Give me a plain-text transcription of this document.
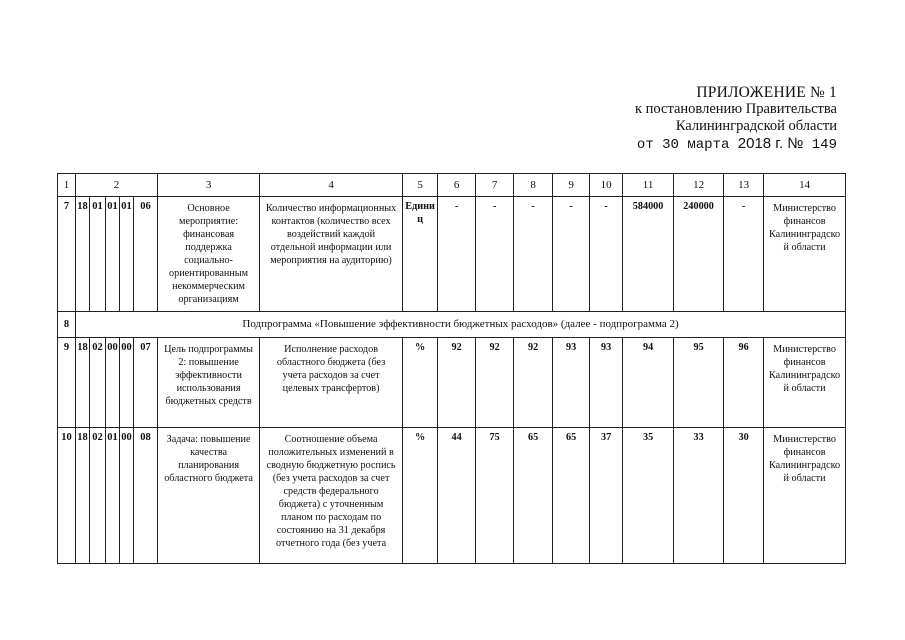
ПРИЛОЖЕНИЕ № 1
к постановлению Правительства
Калининградской области
от 30 марта 2018 г. № 149
1	2					3	4	5	6	7	8	9	10	11	12	13	14
7	18	01	01	01	06	Основное мероприятие: финансовая поддержка социально-ориентированным некоммерческим организациям	Количество информационных контактов (количество всех воздействий каждой отдельной информации или мероприятия на аудиторию)	Единиц	-	-	-	-	-	584000	240000	-	Министерство финансов Калининградской области
8	Подпрограмма «Повышение эффективности бюджетных расходов» (далее - подпрограмма 2)																
9	18	02	00	00	07	Цель подпрограммы 2: повышение эффективности использования бюджетных средств	Исполнение расходов областного бюджета (без учета расходов за счет целевых трансфертов)	%	92	92	92	93	93	94	95	96	Министерство финансов Калининградской области
10	18	02	01	00	08	Задача: повышение качества планирования областного бюджета	Соотношение объема положительных изменений в сводную бюджетную роспись (без учета расходов за счет средств федерального бюджета) с уточненным планом по расходам по состоянию на 31 декабря отчетного года (без учета	%	44	75	65	65	37	35	33	30	Министерство финансов Калининградской области
